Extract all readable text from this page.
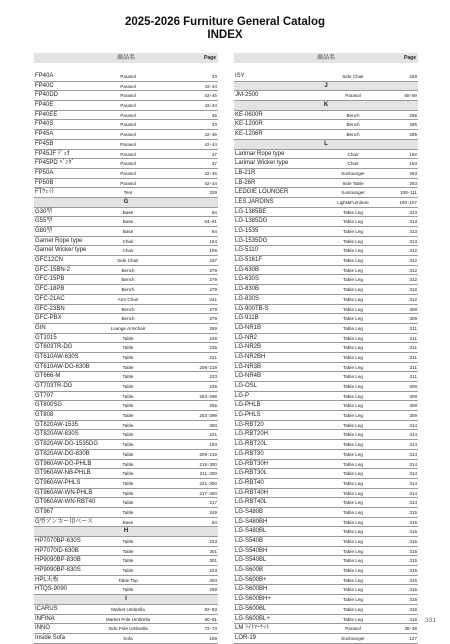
2025-2026 Furniture General Catalog
INDEX
商品名	Page
FP40A	Parasol	43
FP40C	Parasol	43･44
FP40DD	Parasol	43･45
FP40E	Parasol	43･44
FP40EE	Parasol	45
FP40S	Parasol	43
FP45A	Parasol	42･45
FP45B	Parasol	42･44
FP45JF ﾃﾞｭｵ	Parasol	47
FP45PD ﾊﾞﾝﾀﾞ	Parasol	47
FP50A	Parasol	42･45
FP50B	Parasol	42･44
FTｳｪｲﾄ	Tent	329
G
G30型	Base	64
G55型	Base	64･81
G80型	Base	64
Garnet Rope type	Chair	194
Garnet Wicker type	Chair	195
GFC12CN	Side Chair	237
GFC-15BN-2	Bench	279
GFC-15PB	Bench	279
GFC-18PB	Bench	279
GFC-21AC	Arm Chair	241
GFC-23BN	Bench	279
GFC-PBX	Bench	279
GIN	Lounge Armchair	259
GT1015	Table	249
GT603TR-DG	Table	235
GT610AW-630S	Table	221
GT610AW-DG-630B	Table	209･219
GT666-M	Table	233
GT703TR-DG	Table	235
GT707	Table	253･299
GT800SG	Table	255
GT808	Table	253･299
GT820AW-1535	Table	300
GT820AW-830S	Table	221
GT820AW-DG-1535DG	Table	193
GT820AW-DG-830B	Table	209･219
GT960AW-DG-PHLB	Table	219･300
GT960AW-NB-PHLB	Table	211･300
GT960AW-PHLS	Table	221･300
GT960AW-WN-PHLB	Table	217･300
GT960AW-WN-RBT40	Table	217
GT967	Table	249
G型アンカー用ベース	Base	64
H
HP7070BP-630S	Table	223
HP7070ID-630B	Table	301
HP9090BP-830B	Table	301
HP9090BP-830S	Table	223
HPL天板	Table Top	303
HTQS-9090	Table	299
I
ICARUS	Market Umbrella	82･83
INFINA	Market Pole Umbrella	80･81
INNO	Side Pole Umbrella	72･73
Inside Sofa	Sofa	169
商品名	Page
ISY	Side Chair	259
J
JM-2500	Parasol	68･69
K
KE-0600R	Bench	295
KE-1200R	Bench	295
KE-1206R	Bench	295
L
Larimar Rope type	Chair	192
Larimar Wicker type	Chair	193
LB-21R	Sunlounger	263
LB-26R	Side Table	263
LEDGIE LOUNGER	Sunlounger	108･111
LES JARDINS	Light&Furniture	100･107
LG-1385BE	Table Leg	313
LG-1385DG	Table Leg	313
LG-1535	Table Leg	313
LG-1535DG	Table Leg	313
LG-5110	Table Leg	312
LG-5161F	Table Leg	312
LG-630B	Table Leg	312
LG-630S	Table Leg	312
LG-830B	Table Leg	312
LG-830S	Table Leg	312
LG-900TB-S	Table Leg	309
LG-911B	Table Leg	309
LG-NR1B	Table Leg	311
LG-NR2	Table Leg	311
LG-NR2B	Table Leg	311
LG-NR2BH	Table Leg	311
LG-NR3B	Table Leg	311
LG-NR4B	Table Leg	311
LG-OSL	Table Leg	308
LG-P	Table Leg	309
LG-PHLB	Table Leg	309
LG-PHLS	Table Leg	309
LG-RBT20	Table Leg	314
LG-RBT20H	Table Leg	314
LG-RBT20L	Table Leg	314
LG-RBT30	Table Leg	314
LG-RBT30H	Table Leg	314
LG-RBT30L	Table Leg	314
LG-RBT40	Table Leg	314
LG-RBT40H	Table Leg	314
LG-RBT40L	Table Leg	314
LG-S480B	Table Leg	315
LG-S480BH	Table Leg	315
LG-S480BL	Table Leg	315
LG-S540B	Table Leg	315
LG-S540BH	Table Leg	315
LG-S540BL	Table Leg	315
LG-S600B	Table Leg	315
LG-S600B+	Table Leg	315
LG-S600BH	Table Leg	315
LG-S600BH+	Table Leg	315
LG-S600BL	Table Leg	315
LG-S600BL+	Table Leg	315
LM ﾗｲﾄﾏｰｹｯﾄ	Parasol	38･39
LOR-19	Sunlounger	127
331
